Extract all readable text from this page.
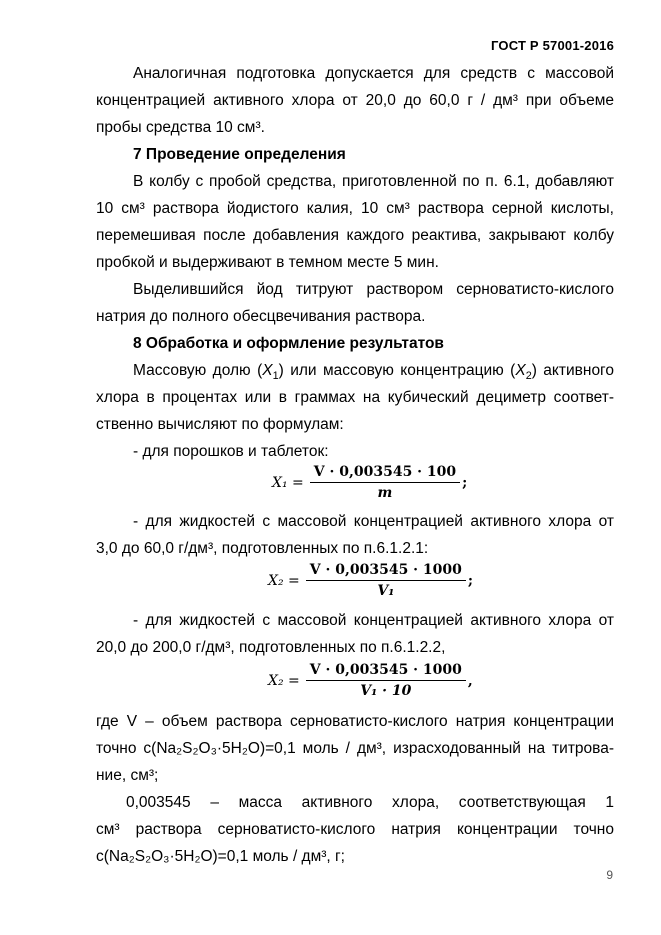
ГОСТ Р 57001-2016
Аналогичная подготовка допускается для средств с массовой
концентрацией активного хлора от 20,0 до 60,0 г / дм³ при объеме
пробы средства 10 см³.
7 Проведение определения
В колбу с пробой средства, приготовленной по п. 6.1, добавляют
10 см³ раствора йодистого калия, 10 см³ раствора серной кислоты,
перемешивая после добавления каждого реактива, закрывают колбу
пробкой и выдерживают в темном месте 5 мин.
Выделившийся йод титруют раствором серноватисто-кислого
натрия до полного обесцвечивания раствора.
8 Обработка и оформление результатов
Массовую долю $(X_1)$ или массовую концентрацию $(X_2)$ активного
хлора в процентах или в граммах на кубический дециметр соответ-
ственно вычисляют по формулам:
- для порошков и таблеток:
$X_1 = \frac{V \cdot 0,003545 \cdot 100}{m}$ ;
- для жидкостей с массовой концентрацией активного хлора от
3,0 до 60,0 г/дм³, подготовленных по п.6.1.2.1:
$X_2 = \frac{V \cdot 0,003545 \cdot 1000}{\text{V₁}}$ ;
- для жидкостей с массовой концентрацией активного хлора от
20,0 до 200,0 г/дм³, подготовленных по п.6.1.2.2,
$X_2 = \frac{V \cdot 0,003545 \cdot 1000}{\text{V₁ · 10}}$ ,
где V – объем раствора серноватисто-кислого натрия концентрации
точно c(Na₂S₂O₃·5H₂O)=0,1 моль / дм³, израсходованный на титрова-
ние, см³;
0,003545 – масса активного хлора, соответствующая 1
см³ раствора серноватисто-кислого натрия концентрации точно
c(Na₂S₂O₃·5H₂O)=0,1 моль / дм³, г;
9
